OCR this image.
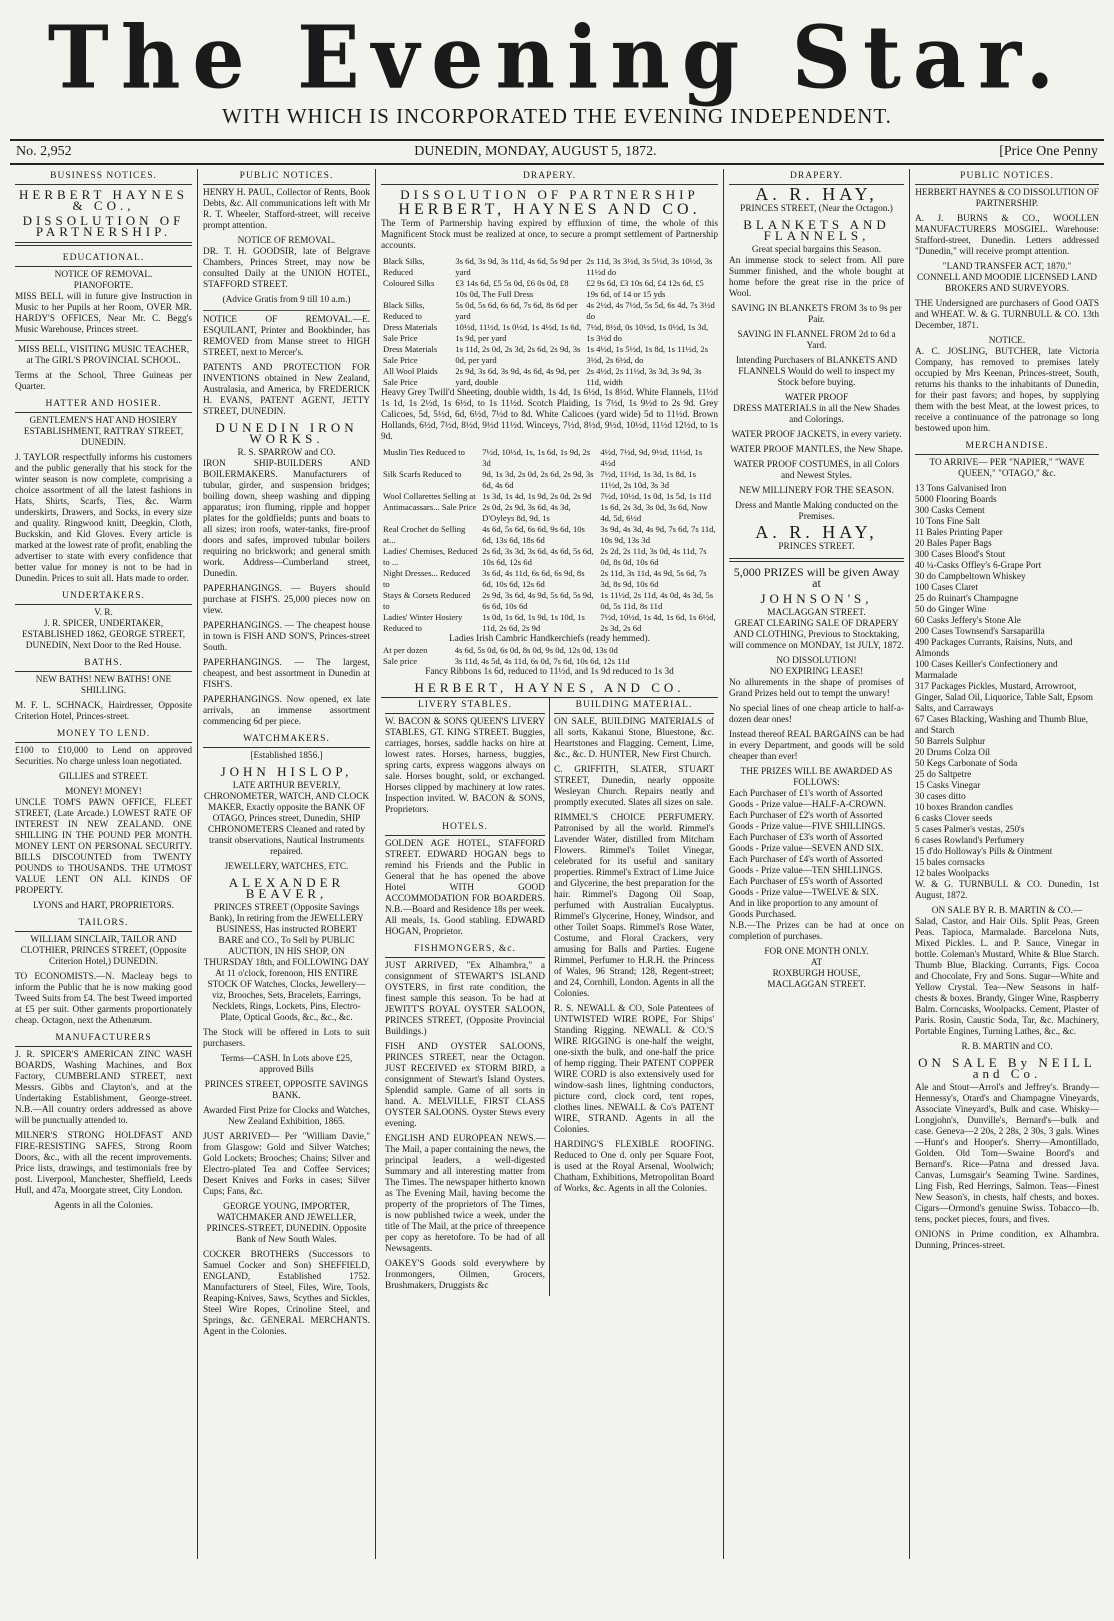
The Evening Star.
WITH WHICH IS INCORPORATED THE EVENING INDEPENDENT.
No. 2,952	DUNEDIN, MONDAY, AUGUST 5, 1872.	[Price One Penny
BUSINESS NOTICES.
HERBERT HAYNES & CO.,
DISSOLUTION OF PARTNERSHIP.
EDUCATIONAL.
NOTICE OF REMOVAL.
PIANOFORTE.

MISS BELL will in future give Instruction in Music to her Pupils at her Room, OVER MR. HARDY'S OFFICES, Near Mr. C. Begg's Music Warehouse, Princes street.

MISS BELL, VISITING MUSIC TEACHER, at The GIRL'S PROVINCIAL SCHOOL.

Terms at the School, Three Guineas per Quarter.

HATTER AND HOSIER.

GENTLEMEN'S HAT AND HOSIERY ESTABLISHMENT, RATTRAY STREET, DUNEDIN.

J. TAYLOR respectfully informs his customers and the public generally that his stock for the winter season is now complete, comprising a choice assortment of all the latest fashions in Hats, Shirts, Scarfs, Ties, &c. Warm underskirts, Drawers, and Socks, in every size and quality. Ringwood knitt, Deegkin, Cloth, Buckskin, and Kid Gloves. Every article is marked at the lowest rate of profit, enabling the advertiser to state with every confidence that better value for money is not to be had in Dunedin. Prices to suit all. Hats made to order.

UNDERTAKERS.
V. R.

J. R. SPICER, UNDERTAKER, ESTABLISHED 1862, GEORGE STREET, DUNEDIN, Next Door to the Red House.

BATHS.

NEW BATHS! NEW BATHS! ONE SHILLING.

M. F. L. SCHNACK, Hairdresser, Opposite Criterion Hotel, Princes-street.

MONEY TO LEND.

£100 to £10,000 to Lend on approved Securities. No charge unless loan negotiated.

GILLIES and STREET.

MONEY! MONEY!

UNCLE TOM'S PAWN OFFICE, FLEET STREET, (Late Arcade.) LOWEST RATE OF INTEREST IN NEW ZEALAND. ONE SHILLING IN THE POUND PER MONTH. MONEY LENT ON PERSONAL SECURITY. BILLS DISCOUNTED from TWENTY POUNDS to THOUSANDS. THE UTMOST VALUE LENT ON ALL KINDS OF PROPERTY.

LYONS and HART, PROPRIETORS.

TAILORS.

WILLIAM SINCLAIR, TAILOR AND CLOTHIER, PRINCES STREET, (Opposite Criterion Hotel,) DUNEDIN.

TO ECONOMISTS.—N. Macleay begs to inform the Public that he is now making good Tweed Suits from £4. The best Tweed imported at £5 per suit. Other garments proportionately cheap. Octagon, next the Athenæum.

MANUFACTURERS

J. R. SPICER'S AMERICAN ZINC WASH BOARDS, Washing Machines, and Box Factory, CUMBERLAND STREET, next Messrs. Gibbs and Clayton's, and at the Undertaking Establishment, George-street. N.B.—All country orders addressed as above will be punctually attended to.

MILNER'S STRONG HOLDFAST AND FIRE-RESISTING SAFES, Strong Room Doors, &c., with all the recent improvements. Price lists, drawings, and testimonials free by post. Liverpool, Manchester, Sheffield, Leeds Hull, and 47a, Moorgate street, City London.

Agents in all the Colonies.

PUBLIC NOTICES.

HENRY H. PAUL, Collector of Rents, Book Debts, &c. All communications left with Mr R. T. Wheeler, Stafford-street, will receive prompt attention.

NOTICE OF REMOVAL.

DR. T. H. GOODSIR, late of Belgrave Chambers, Princes Street, may now be consulted Daily at the UNION HOTEL, STAFFORD STREET.

(Advice Gratis from 9 till 10 a.m.)

NOTICE OF REMOVAL.—E. ESQUILANT, Printer and Bookbinder, has REMOVED from Manse street to HIGH STREET, next to Mercer's.

PATENTS AND PROTECTION FOR INVENTIONS obtained in New Zealand, Australasia, and America, by FREDERICK H. EVANS, PATENT AGENT, JETTY STREET, DUNEDIN.

DUNEDIN IRON WORKS.
R. S. SPARROW and CO.

IRON SHIP-BUILDERS AND BOILERMAKERS. Manufacturers of tubular, girder, and suspension bridges; boiling down, sheep washing and dipping apparatus; iron fluming, ripple and hopper plates for the goldfields; punts and boats to all sizes; iron roofs, water-tanks, fire-proof doors and safes, improved tubular boilers requiring no brickwork; and general smith work. Address—Cumberland street, Dunedin.

PAPERHANGINGS. — Buyers should purchase at FISH'S. 25,000 pieces now on view.

PAPERHANGINGS. — The cheapest house in town is FISH AND SON'S, Princes-street South.

PAPERHANGINGS. — The largest, cheapest, and best assortment in Dunedin at FISH'S.

PAPERHANGINGS. Now opened, ex late arrivals, an immense assortment commencing 6d per piece.

WATCHMAKERS.
[Established 1856.]
JOHN HISLOP,

LATE ARTHUR BEVERLY, CHRONOMETER, WATCH, AND CLOCK MAKER, Exactly opposite the BANK OF OTAGO, Princes street, Dunedin, SHIP CHRONOMETERS Cleaned and rated by transit observations, Nautical Instruments repaired.

JEWELLERY, WATCHES, ETC.
ALEXANDER BEAVER,

PRINCES STREET (Opposite Savings Bank), In retiring from the JEWELLERY BUSINESS, Has instructed ROBERT BARE and CO., To Sell by PUBLIC AUCTION, IN HIS SHOP, ON THURSDAY 18th, and FOLLOWING DAY At 11 o'clock, forenoon, HIS ENTIRE STOCK OF Watches, Clocks, Jewellery—viz, Brooches, Sets, Bracelets, Earrings, Necklets, Rings, Lockets, Pins, Electro-Plate, Optical Goods, &c., &c., &c.

The Stock will be offered in Lots to suit purchasers.

Terms—CASH. In Lots above £25, approved Bills

PRINCES STREET, OPPOSITE SAVINGS BANK.

Awarded First Prize for Clocks and Watches, New Zealand Exhibition, 1865.

JUST ARRIVED— Per "William Davie," from Glasgow: Gold and Silver Watches; Gold Lockets; Brooches; Chains; Silver and Electro-plated Tea and Coffee Services; Desert Knives and Forks in cases; Silver Cups; Fans, &c.

GEORGE YOUNG, IMPORTER, WATCHMAKER AND JEWELLER, PRINCES-STREET, DUNEDIN. Opposite Bank of New South Wales.

COCKER BROTHERS (Successors to Samuel Cocker and Son) SHEFFIELD, ENGLAND, Established 1752. Manufacturers of Steel, Files, Wire, Tools, Reaping-Knives, Saws, Scythes and Sickles, Steel Wire Ropes, Crinoline Steel, and Springs, &c. GENERAL MERCHANTS. Agent in the Colonies.

DRAPERY.
DISSOLUTION OF PARTNERSHIP
HERBERT, HAYNES AND CO.

The Term of Partnership having expired by effluxion of time, the whole of this Magnificent Stock must be realized at once, to secure a prompt settlement of Partnership accounts.

Black Silks, Reduced	3s 6d, 3s 9d, 3s 11d, 4s 6d, 5s 9d per yard	2s 11d, 3s 3½d, 3s 5½d, 3s 10½d, 3s 11½d do
Coloured Silks	£3 14s 6d, £5 5s 0d, £6 0s 0d, £8 10s 0d, The Full Dress	£2 9s 6d, £3 10s 6d, £4 12s 6d, £5 19s 6d, of 14 or 15 yds
Black Silks, Reduced to	5s 0d, 5s 6d, 6s 6d, 7s 6d, 8s 6d per yard	4s 2½d, 4s 7½d, 5s 5d, 6s 4d, 7s 3½d do
Dress Materials Sale Price	10½d, 11½d, 1s 0½d, 1s 4½d, 1s 6d, 1s 9d, per yard	7½d, 8½d, 0s 10½d, 1s 0½d, 1s 3d, 1s 3½d do
Dress Materials Sale Price	1s 11d, 2s 0d, 2s 3d, 2s 6d, 2s 9d, 3s 0d, per yard	1s 4½d, 1s 5½d, 1s 8d, 1s 11½d, 2s 3½d, 2s 6½d, do
All Wool Plaids Sale Price	2s 9d, 3s 6d, 3s 9d, 4s 6d, 4s 9d, per yard, double	2s 4½d, 2s 11½d, 3s 3d, 3s 9d, 3s 11d, width

Heavy Grey Twill'd Sheeting, double width, 1s 4d, 1s 6½d, 1s 8½d. White Flannels, 11½d 1s 1d, 1s 2½d, 1s 6½d, to 1s 11½d. Scotch Plaiding, 1s 7½d, 1s 9½d to 2s 9d. Grey Calicoes, 5d, 5½d, 6d, 6½d, 7½d to 8d. White Calicoes (yard wide) 5d to 11½d. Brown Hollands, 6½d, 7½d, 8½d, 9½d 11½d. Winceys, 7½d, 8½d, 9½d, 10½d, 11½d 12½d, to 1s 9d.

Muslin Ties Reduced to	7½d, 10½d, 1s, 1s 6d, 1s 9d, 2s 3d	4½d, 7½d, 9d, 9½d, 11½d, 1s 4½d
Silk Scarfs Reduced to	9d, 1s 3d, 2s 0d, 2s 6d, 2s 9d, 3s 6d, 4s 6d	7½d, 11½d, 1s 3d, 1s 8d, 1s 11½d, 2s 10d, 3s 3d
Wool Collarettes Selling at	1s 3d, 1s 4d, 1s 9d, 2s 0d, 2s 9d	7½d, 10½d, 1s 0d, 1s 5d, 1s 11d
Antimacassars... Sale Price	2s 0d, 2s 9d, 3s 6d, 4s 3d, D'Oyleys 8d, 9d, 1s	1s 6d, 2s 3d, 3s 0d, 3s 6d, Now 4d, 5d, 6½d
Real Crochet do Selling at...	4s 6d, 5s 6d, 6s 6d, 9s 6d, 10s 6d, 13s 6d, 18s 6d	3s 9d, 4s 3d, 4s 9d, 7s 6d, 7s 11d, 10s 9d, 13s 3d
Ladies' Chemises, Reduced to ...	2s 6d, 3s 3d, 3s 6d, 4s 6d, 5s 6d, 10s 6d, 12s 6d	2s 2d, 2s 11d, 3s 0d, 4s 11d, 7s 0d, 8s 0d, 10s 6d
Night Dresses... Reduced to	3s 6d, 4s 11d, 6s 6d, 6s 9d, 8s 6d, 10s 6d, 12s 6d	2s 11d, 3s 11d, 4s 9d, 5s 6d, 7s 3d, 8s 9d, 10s 6d
Stays & Corsets Reduced to	2s 9d, 3s 6d, 4s 9d, 5s 6d, 5s 9d, 6s 6d, 10s 6d	1s 11½d, 2s 11d, 4s 0d, 4s 3d, 5s 0d, 5s 11d, 8s 11d
Ladies' Winter Hosiery Reduced to	1s 0d, 1s 6d, 1s 9d, 1s 10d, 1s 11d, 2s 6d, 2s 9d	7½d, 10½d, 1s 4d, 1s 6d, 1s 6½d, 2s 3d, 2s 6d
Ladies Irish Cambric Handkerchiefs (ready hemmed).
At per dozen	4s 6d, 5s 0d, 6s 0d, 8s 0d, 9s 0d, 12s 0d, 13s 0d
Sale price	3s 11d, 4s 5d, 4s 11d, 6s 0d, 7s 6d, 10s 6d, 12s 11d

Fancy Ribbons 1s 6d, reduced to 11½d, and 1s 9d reduced to 1s 3d

HERBERT, HAYNES, AND CO.
LIVERY STABLES.

W. BACON & SONS QUEEN'S LIVERY STABLES, GT. KING STREET. Buggies, carriages, horses, saddle hacks on hire at lowest rates. Horses, harness, buggies, spring carts, express waggons always on sale. Horses bought, sold, or exchanged. Horses clipped by machinery at low rates. Inspection invited. W. BACON & SONS, Proprietors.

HOTELS.

GOLDEN AGE HOTEL, STAFFORD STREET. EDWARD HOGAN begs to remind his Friends and the Public in General that he has opened the above Hotel WITH GOOD ACCOMMODATION FOR BOARDERS. N.B.—Board and Residence 18s per week. All meals, 1s. Good stabling. EDWARD HOGAN, Proprietor.

FISHMONGERS, &c.

JUST ARRIVED, "Ex Alhambra," a consignment of STEWART'S ISLAND OYSTERS, in first rate condition, the finest sample this season. To be had at JEWITT'S ROYAL OYSTER SALOON, PRINCES STREET, (Opposite Provincial Buildings.)

FISH AND OYSTER SALOONS, PRINCES STREET, near the Octagon. JUST RECEIVED ex STORM BIRD, a consignment of Stewart's Island Oysters. Splendid sample. Game of all sorts in hand. A. MELVILLE, FIRST CLASS OYSTER SALOONS. Oyster Stews every evening.

ENGLISH AND EUROPEAN NEWS.—The Mail, a paper containing the news, the principal leaders, a well-digested Summary and all interesting matter from The Times. The newspaper hitherto known as The Evening Mail, having become the property of the proprietors of The Times, is now published twice a week, under the title of The Mail, at the price of threepence per copy as heretofore. To be had of all Newsagents.

OAKEY'S Goods sold everywhere by Ironmongers, Oilmen, Grocers, Brushmakers, Druggists &c

BUILDING MATERIAL.

ON SALE, BUILDING MATERIALS of all sorts, Kakanui Stone, Bluestone, &c. Heartstones and Flagging. Cement, Lime, &c., &c. D. HUNTER, New First Church.

C. GRIFFITH, SLATER, STUART STREET, Dunedin, nearly opposite Wesleyan Church. Repairs neatly and promptly executed. Slates all sizes on sale.

RIMMEL'S CHOICE PERFUMERY. Patronised by all the world. Rimmel's Lavender Water, distilled from Mitcham Flowers. Rimmel's Toilet Vinegar, celebrated for its useful and sanitary properties. Rimmel's Extract of Lime Juice and Glycerine, the best preparation for the hair. Rimmel's Dagong Oil Soap, perfumed with Australian Eucalyptus. Rimmel's Glycerine, Honey, Windsor, and other Toilet Soaps. Rimmel's Rose Water, Costume, and Floral Crackers, very amusing for Balls and Parties. Eugene Rimmel, Perfumer to H.R.H. the Princess of Wales, 96 Strand; 128, Regent-street; and 24, Cornhill, London. Agents in all the Colonies.

R. S. NEWALL & CO, Sole Patentees of UNTWISTED WIRE ROPE, For Ships' Standing Rigging. NEWALL & CO.'S WIRE RIGGING is one-half the weight, one-sixth the bulk, and one-half the price of hemp rigging. Their PATENT COPPER WIRE CORD is also extensively used for window-sash lines, lightning conductors, picture cord, clock cord, tent ropes, clothes lines. NEWALL & Co's PATENT WIRE, STRAND. Agents in all the Colonies.

HARDING'S FLEXIBLE ROOFING. Reduced to One d. only per Square Foot, is used at the Royal Arsenal, Woolwich; Chatham, Exhibitions, Metropolitan Board of Works, &c. Agents in all the Colonies.

DRAPERY.
A. R. HAY,
PRINCES STREET, (Near the Octagon.)
BLANKETS AND FLANNELS,
Great special bargains this Season.

An immense stock to select from. All pure Summer finished, and the whole bought at home before the great rise in the price of Wool.

SAVING IN BLANKETS FROM 3s to 9s per Pair.

SAVING IN FLANNEL FROM 2d to 6d a Yard.

Intending Purchasers of BLANKETS AND FLANNELS Would do well to inspect my Stock before buying.

WATER PROOF

DRESS MATERIALS in all the New Shades and Colorings.

WATER PROOF JACKETS, in every variety.

WATER PROOF MANTLES, the New Shape.

WATER PROOF COSTUMES, in all Colors and Newest Styles.

NEW MILLINERY FOR THE SEASON.

Dress and Mantle Making conducted on the Premises.

A. R. HAY,
PRINCES STREET.
5,000 PRIZES will be given Away at
JOHNSON'S,
MACLAGGAN STREET.

GREAT CLEARING SALE OF DRAPERY AND CLOTHING, Previous to Stocktaking, will commence on MONDAY, 1st JULY, 1872.

NO DISSOLUTION!
NO EXPIRING LEASE!

No allurements in the shape of promises of Grand Prizes held out to tempt the unwary!

No special lines of one cheap article to half-a-dozen dear ones!

Instead thereof REAL BARGAINS can be had in every Department, and goods will be sold cheaper than ever!

THE PRIZES WILL BE AWARDED AS FOLLOWS:
Each Purchaser of £1's worth of Assorted Goods - Prize value—HALF-A-CROWN.
Each Purchaser of £2's worth of Assorted Goods - Prize value—FIVE SHILLINGS.
Each Purchaser of £3's worth of Assorted Goods - Prize value—SEVEN AND SIX.
Each Purchaser of £4's worth of Assorted Goods - Prize value—TEN SHILLINGS.
Each Purchaser of £5's worth of Assorted Goods - Prize value—TWELVE & SIX.
And in like proportion to any amount of Goods Purchased.

N.B.—The Prizes can be had at once on completion of purchases.

FOR ONE MONTH ONLY.
AT
ROXBURGH HOUSE,
MACLAGGAN STREET.
PUBLIC NOTICES.

HERBERT HAYNES & CO DISSOLUTION OF PARTNERSHIP.

A. J. BURNS & CO., WOOLLEN MANUFACTURERS MOSGIEL. Warehouse: Stafford-street, Dunedin. Letters addressed "Dunedin," will receive prompt attention.

"LAND TRANSFER ACT, 1870."

CONNELL AND MOODIE LICENSED LAND BROKERS AND SURVEYORS.

THE Undersigned are purchasers of Good OATS and WHEAT. W. & G. TURNBULL & CO. 13th December, 1871.

NOTICE.

A. C. JOSLING, BUTCHER, late Victoria Company, has removed to premises lately occupied by Mrs Keenan, Princes-street, South, returns his thanks to the inhabitants of Dunedin, for their past favors; and hopes, by supplying them with the best Meat, at the lowest prices, to receive a continuance of the patronage so long bestowed upon him.

MERCHANDISE.

TO ARRIVE— PER "NAPIER," "WAVE QUEEN," "OTAGO," &c.

13 Tons Galvanised Iron
5000 Flooring Boards
300 Casks Cement
10 Tons Fine Salt
11 Bales Printing Paper
20 Bales Paper Bags
300 Cases Blood's Stout
40 ¼-Casks Offley's 6-Grape Port
30 do Campbeltown Whiskey
100 Cases Claret
25 do Ruinart's Champagne
50 do Ginger Wine
60 Casks Jeffery's Stone Ale
200 Cases Townsend's Sarsaparilla
490 Packages Currants, Raisins, Nuts, and Almonds
100 Cases Keiller's Confectionery and Marmalade
317 Packages Pickles, Mustard, Arrowroot, Ginger, Salad Oil, Liquorice, Table Salt, Epsom Salts, and Carraways
67 Cases Blacking, Washing and Thumb Blue, and Starch
50 Barrels Sulphur
20 Drums Colza Oil
50 Kegs Carbonate of Soda
25 do Saltpetre
15 Casks Vinegar
30 cases ditto
10 boxes Brandon candles
6 casks Clover seeds
5 cases Palmer's vestas, 250's
6 cases Rowland's Perfumery
15 d'do Holloway's Pills & Ointment
15 bales cornsacks
12 bales Woolpacks

W. & G. TURNBULL & CO. Dunedin, 1st August, 1872.

ON SALE BY R. B. MARTIN & CO.—

Salad, Castor, and Hair Oils. Split Peas, Green Peas. Tapioca, Marmalade. Barcelona Nuts, Mixed Pickles. L. and P. Sauce, Vinegar in bottle. Coleman's Mustard, White & Blue Starch. Thumb Blue, Blacking. Currants, Figs. Cocoa and Chocolate, Fry and Sons. Sugar—White and Yellow Crystal. Tea—New Seasons in half-chests & boxes. Brandy, Ginger Wine, Raspberry Balm. Corncasks, Woolpacks. Cement, Plaster of Paris. Rosin, Caustic Soda, Tar, &c. Machinery, Portable Engines, Turning Lathes, &c., &c.

R. B. MARTIN and CO.

ON SALE By NEILL and Co.

Ale and Stout—Arrol's and Jeffrey's. Brandy—Hennessy's, Otard's and Champagne Vineyards, Associate Vineyard's, Bulk and case. Whisky—Longjohn's, Dunville's, Bernard's—bulk and case. Geneva—2 20s, 2 28s, 2 30s, 3 gals. Wines—Hunt's and Hooper's. Sherry—Amontillado, Golden. Old Tom—Swaine Boord's and Bernard's. Rice—Patna and dressed Java. Canvas, Lumsgair's Seaming Twine. Sardines, Ling Fish, Red Herrings, Salmon. Teas—Finest New Season's, in chests, half chests, and boxes. Cigars—Ormond's genuine Swiss. Tobacco—lb. tens, pocket pieces, fours, and fives.

ONIONS in Prime condition, ex Alhambra. Dunning, Princes-street.
